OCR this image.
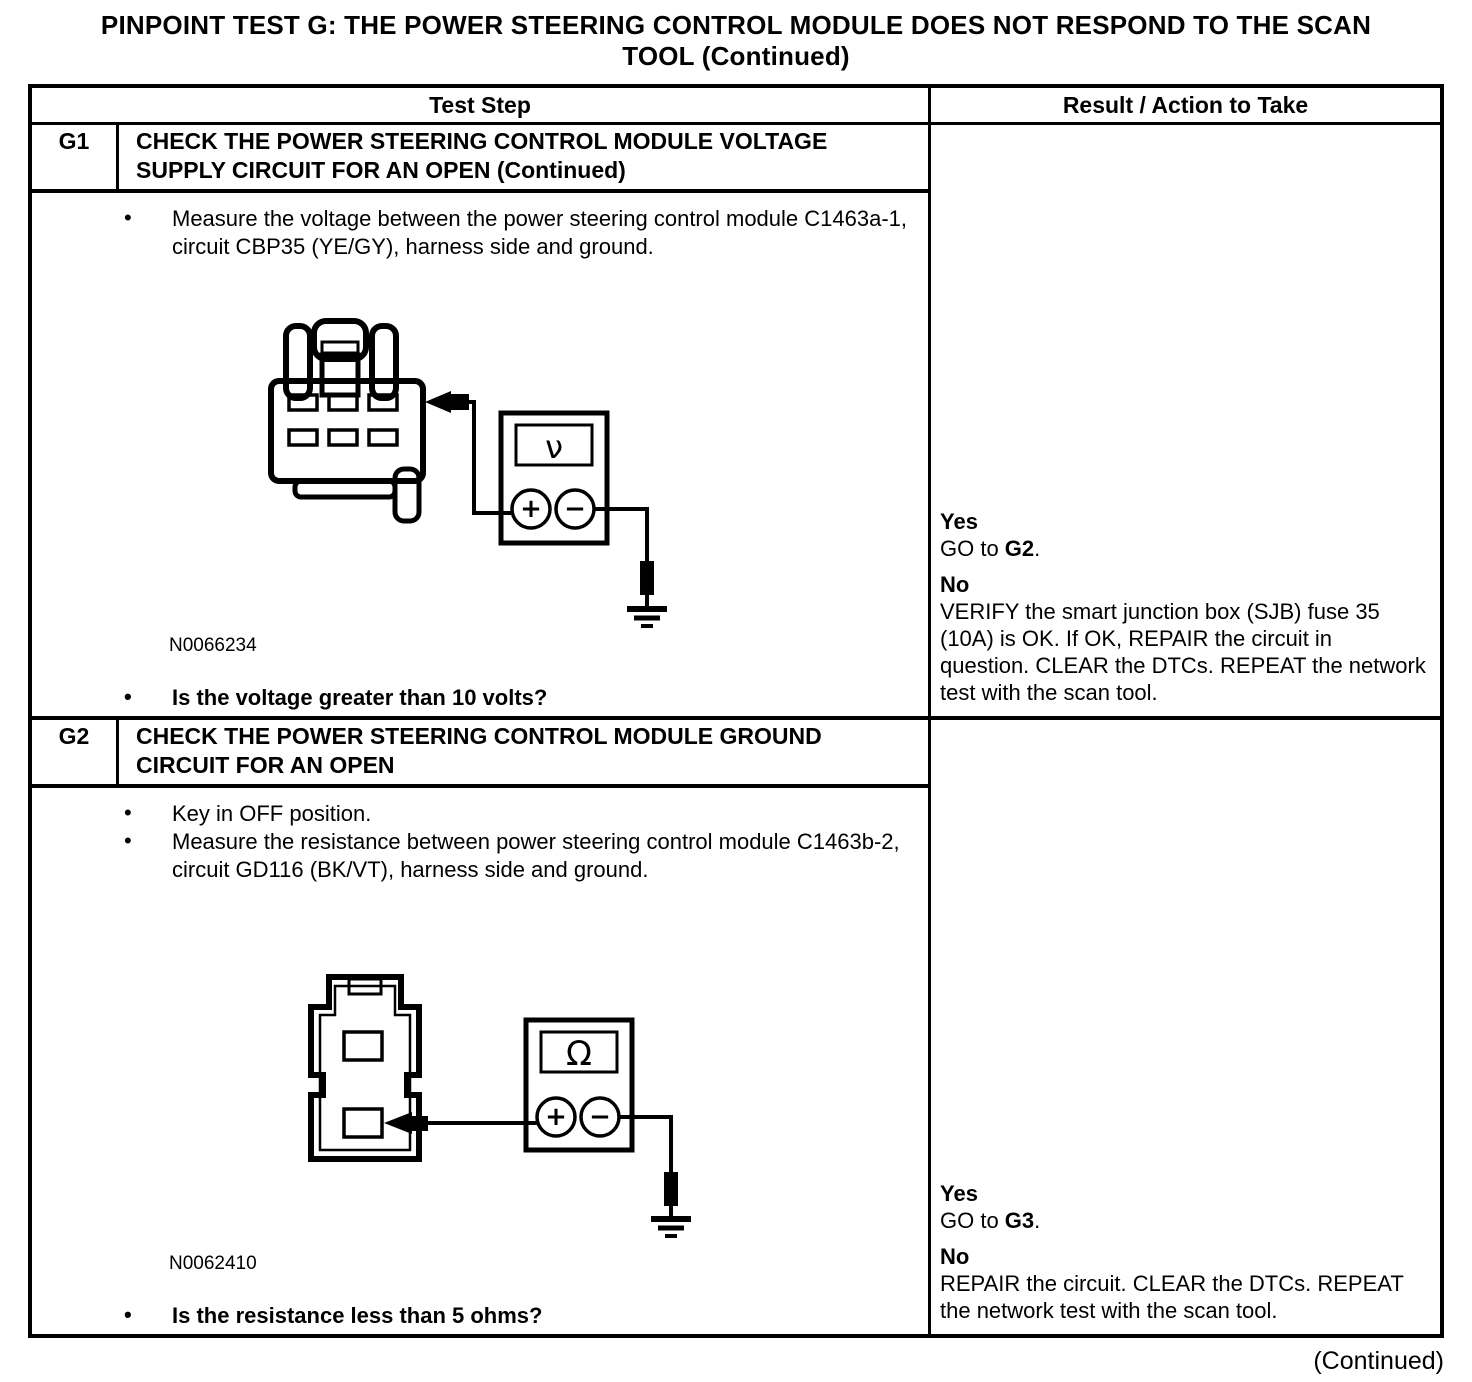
PINPOINT TEST G: THE POWER STEERING CONTROL MODULE DOES NOT RESPOND TO THE SCAN
TOOL (Continued)
Test Step	Result / Action to Take
G1	CHECK THE POWER STEERING CONTROL MODULE VOLTAGE SUPPLY CIRCUIT FOR AN OPEN (Continued)
• Measure the voltage between the power steering control module C1463a-1, circuit CBP35 (YE/GY), harness side and ground.
ν
+ −
N0066234
• Is the voltage greater than 10 volts?
Yes
GO to G2.
No
VERIFY the smart junction box (SJB) fuse 35 (10A) is OK. If OK, REPAIR the circuit in question. CLEAR the DTCs. REPEAT the network test with the scan tool.
G2	CHECK THE POWER STEERING CONTROL MODULE GROUND CIRCUIT FOR AN OPEN
• Key in OFF position.
• Measure the resistance between power steering control module C1463b-2, circuit GD116 (BK/VT), harness side and ground.
Ω
+ −
N0062410
• Is the resistance less than 5 ohms?
Yes
GO to G3.
No
REPAIR the circuit. CLEAR the DTCs. REPEAT the network test with the scan tool.
(Continued)
